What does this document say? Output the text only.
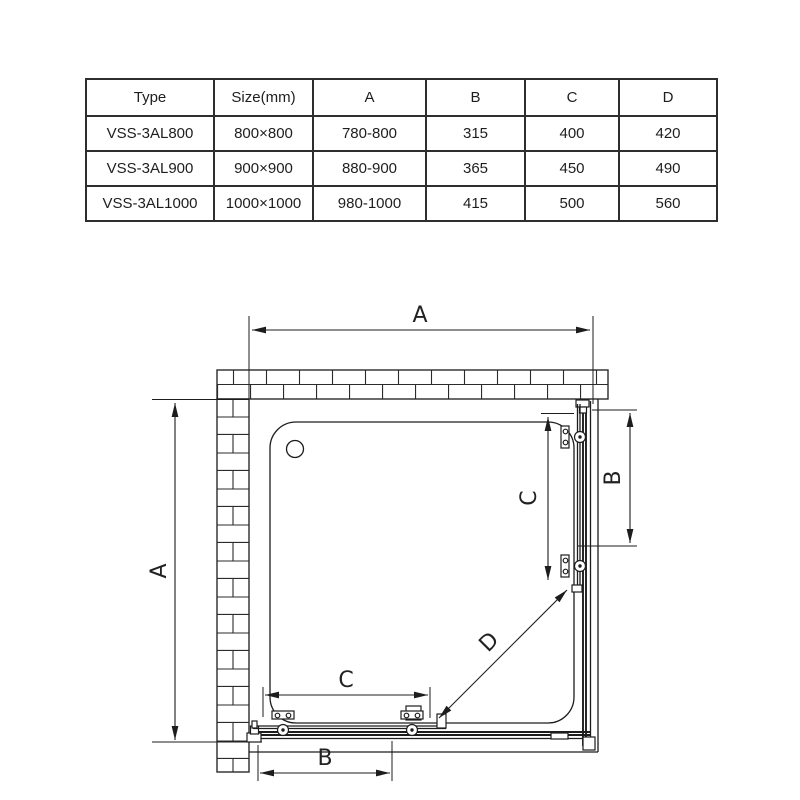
Type	Size(mm)	A	B	C	D
VSS-3AL800	800×800	780-800	315	400	420
VSS-3AL900	900×900	880-900	365	450	490
VSS-3AL1000	1000×1000	980-1000	415	500	560
A
A
B
C
C
B
D
